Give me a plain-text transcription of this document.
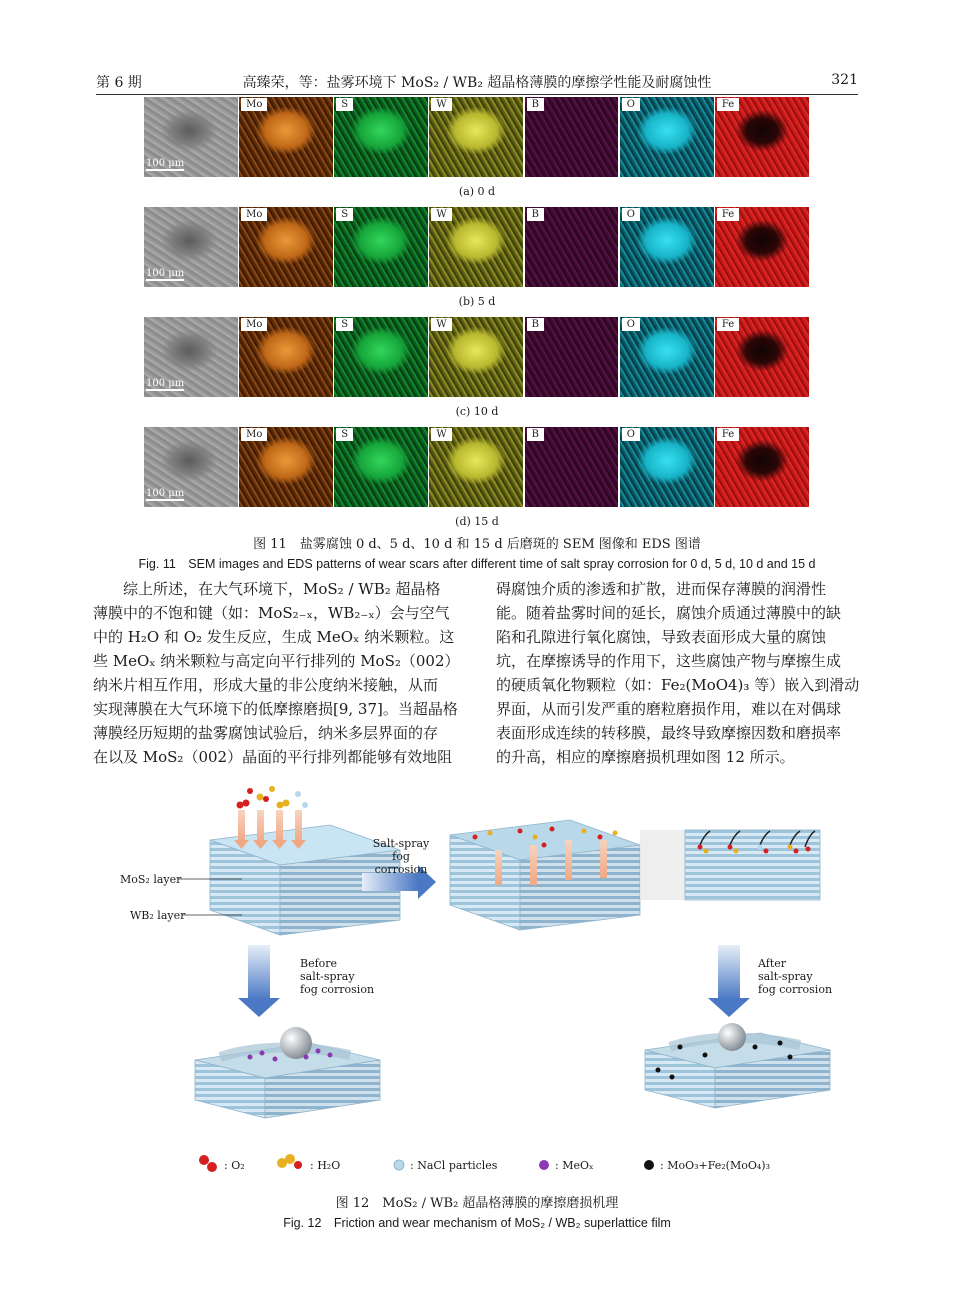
第 6 期	高臻荣，等：盐雾环境下 MoS₂ / WB₂ 超晶格薄膜的摩擦学性能及耐腐蚀性	321
100 μm
Mo	S	W	B	O	Fe
(a) 0 d
100 μm
Mo	S	W	B	O	Fe
(b) 5 d
100 μm
Mo	S	W	B	O	Fe
(c) 10 d
100 μm
Mo	S	W	B	O	Fe
(d) 15 d
图 11　盐雾腐蚀 0 d、5 d、10 d 和 15 d 后磨斑的 SEM 图像和 EDS 图谱
Fig. 11　SEM images and EDS patterns of wear scars after different time of salt spray corrosion for 0 d, 5 d, 10 d and 15 d
　　综上所述，在大气环境下，MoS₂ / WB₂ 超晶格
薄膜中的不饱和键（如：MoS₂₋ₓ，WB₂₋ₓ）会与空气
中的 H₂O 和 O₂ 发生反应，生成 MeOₓ 纳米颗粒。这
些 MeOₓ 纳米颗粒与高定向平行排列的 MoS₂（002）
纳米片相互作用，形成大量的非公度纳米接触，从而
实现薄膜在大气环境下的低摩擦磨损[9, 37]。当超晶格
薄膜经历短期的盐雾腐蚀试验后，纳米多层界面的存
在以及 MoS₂（002）晶面的平行排列都能够有效地阻
碍腐蚀介质的渗透和扩散，进而保存薄膜的润滑性
能。随着盐雾时间的延长，腐蚀介质通过薄膜中的缺
陷和孔隙进行氧化腐蚀，导致表面形成大量的腐蚀
坑，在摩擦诱导的作用下，这些腐蚀产物与摩擦生成
的硬质氧化物颗粒（如：Fe₂(MoO4)₃ 等）嵌入到滑动
界面，从而引发严重的磨粒磨损作用，难以在对偶球
表面形成连续的转移膜，最终导致摩擦因数和磨损率
的升高，相应的摩擦磨损机理如图 12 所示。
MoS₂ layer
WB₂ layer
Salt-spray
fog corrosion
Before
salt-spray
fog corrosion
After
salt-spray
fog corrosion
: O₂	: H₂O	: NaCl particles	: MeOₓ	: MoO₃+Fe₂(MoO₄)₃
图 12　MoS₂ / WB₂ 超晶格薄膜的摩擦磨损机理
Fig. 12　Friction and wear mechanism of MoS₂ / WB₂ superlattice film
